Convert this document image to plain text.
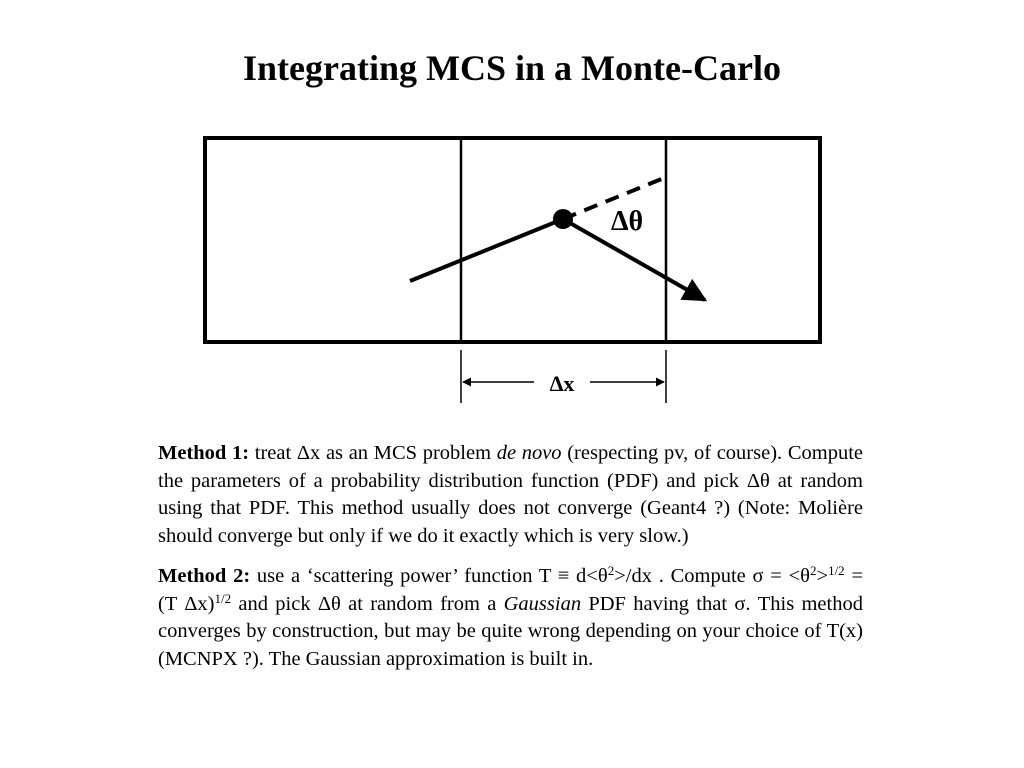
Integrating MCS in a Monte-Carlo
Δθ
Δx

Method 1: treat Δx as an MCS problem de novo (respecting pv, of course). Compute the parameters of a probability distribution function (PDF) and pick Δθ at random using that PDF. This method usually does not converge (Geant4 ?) (Note: Molière should converge but only if we do it exactly which is very slow.)

Method 2: use a ‘scattering power’ function $T \equiv d<\theta^2>/dx$ . Compute $\sigma = <\theta^2>^{1/2} = (T$ Δx)$^{1/2}$ and pick Δθ at random from a Gaussian PDF having that σ. This method converges by construction, but may be quite wrong depending on your choice of T(x) (MCNPX ?). The Gaussian approximation is built in.
